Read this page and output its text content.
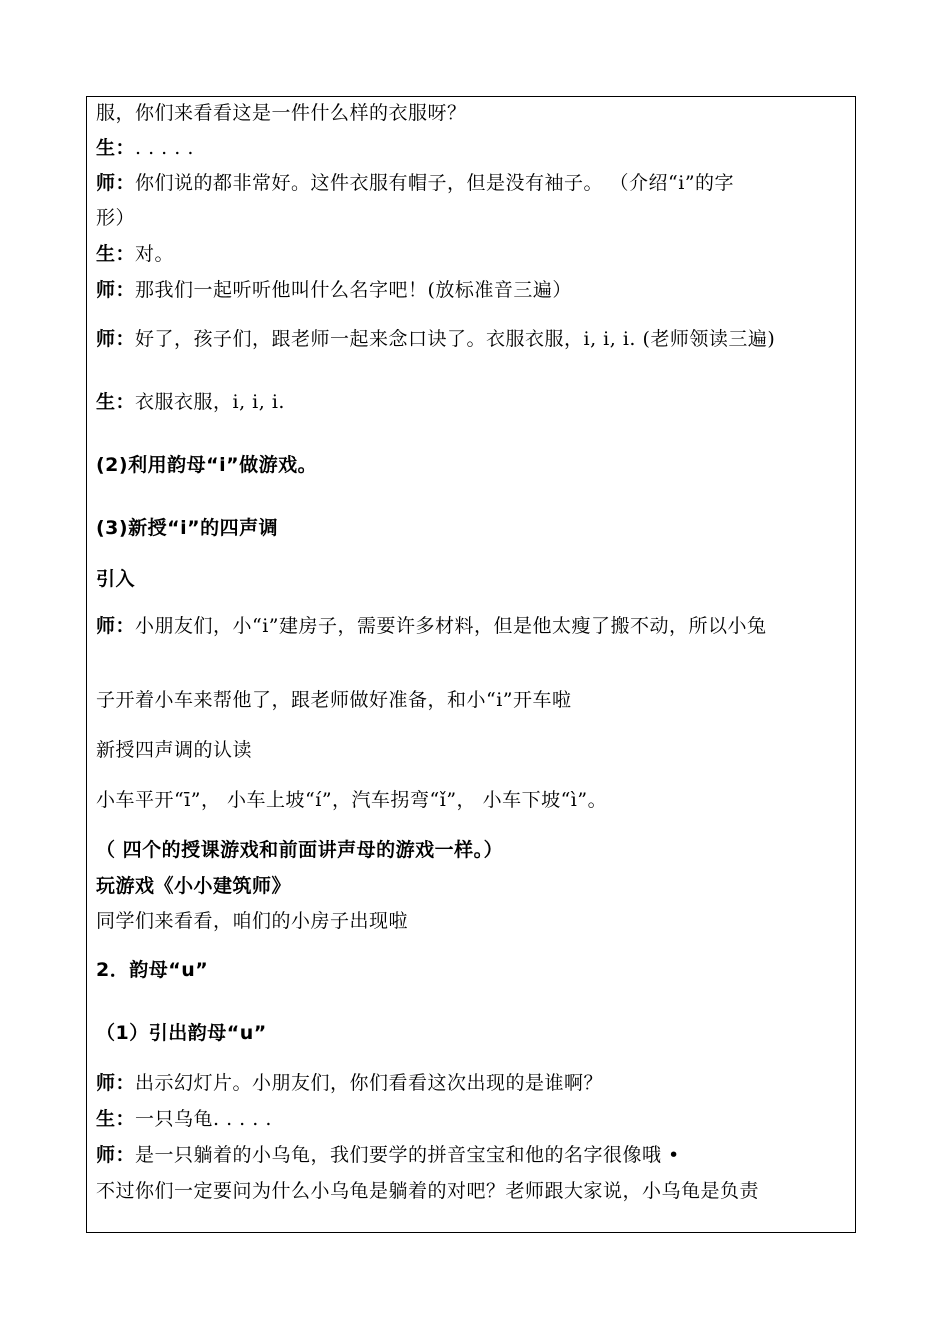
服，你们来看看这是一件什么样的衣服呀？
生：. . . . .
师：你们说的都非常好。这件衣服有帽子，但是没有袖子。 （介绍“i”的字
形）
生：对。
师：那我们一起听听他叫什么名字吧！(放标准音三遍）
师：好了，孩子们，跟老师一起来念口诀了。衣服衣服，i, i, i. (老师领读三遍)
生：衣服衣服，i, i, i.
(2)利用韵母“i”做游戏。
(3)新授“i”的四声调
引入
师：小朋友们，小“i”建房子，需要许多材料，但是他太瘦了搬不动，所以小兔
子开着小车来帮他了，跟老师做好准备，和小“i”开车啦
新授四声调的认读
小车平开“ī”， 小车上坡“í”，汽车拐弯“ǐ”， 小车下坡“ì”。
（ 四个的授课游戏和前面讲声母的游戏一样。）
玩游戏《小小建筑师》
同学们来看看，咱们的小房子出现啦
2．韵母“u”
（1）引出韵母“u”
师：出示幻灯片。小朋友们，你们看看这次出现的是谁啊？
生：一只乌龟. . . . .
师：是一只躺着的小乌龟，我们要学的拼音宝宝和他的名字很像哦 •
不过你们一定要问为什么小乌龟是躺着的对吧？老师跟大家说，小乌龟是负责
